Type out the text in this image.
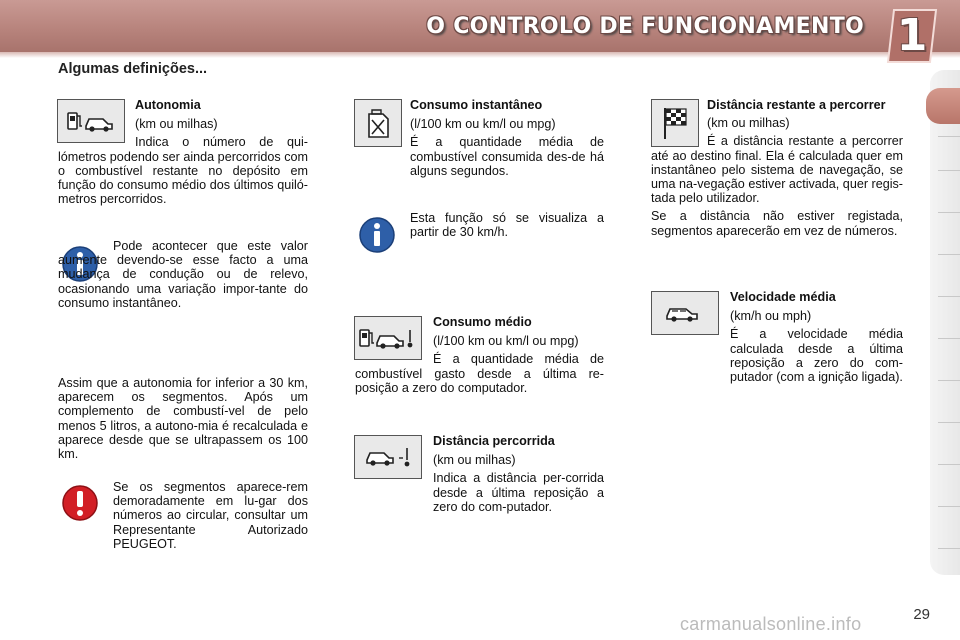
O CONTROLO DE FUNCIONAMENTO 1
Algumas definições...

Autonomia

(km ou milhas)

Indica o número de qui-lómetros podendo ser ainda percorridos com o combustível restante no depósito em função do consumo médio dos últimos quiló-metros percorridos.

Pode acontecer que este valor aumente devendo-se esse facto a uma mudança de condução ou de relevo, ocasionando uma variação impor-tante do consumo instantâneo.

Assim que a autonomia for inferior a 30 km, aparecem os segmentos. Após um complemento de combustí-vel de pelo menos 5 litros, a autono-mia é recalculada e aparece desde que se ultrapassem os 100 km.

Se os segmentos aparece-rem demoradamente em lu-gar dos números ao circular, consultar um Representante Autorizado PEUGEOT.

Consumo instantâneo

(l/100 km ou km/l ou mpg)

É a quantidade média de combustível consumida des-de há alguns segundos.

Esta função só se visualiza a partir de 30 km/h.

Consumo médio

(l/100 km ou km/l ou mpg)

É a quantidade média de combustível gasto desde a última re-posição a zero do computador.

Distância percorrida

(km ou milhas)

Indica a distância per-corrida desde a última reposição a zero do com-putador.

Distância restante a percorrer

(km ou milhas)

É a distância restante a percorrer até ao destino final. Ela é calculada quer em instantâneo pelo sistema de navegação, se uma na-vegação estiver activada, quer regis-tada pelo utilizador.

Se a distância não estiver registada, segmentos aparecerão em vez de números.

Velocidade média

(km/h ou mph)

É a velocidade média calculada desde a última reposição a zero do com-putador (com a ignição ligada).

29
carmanualsonline.info
